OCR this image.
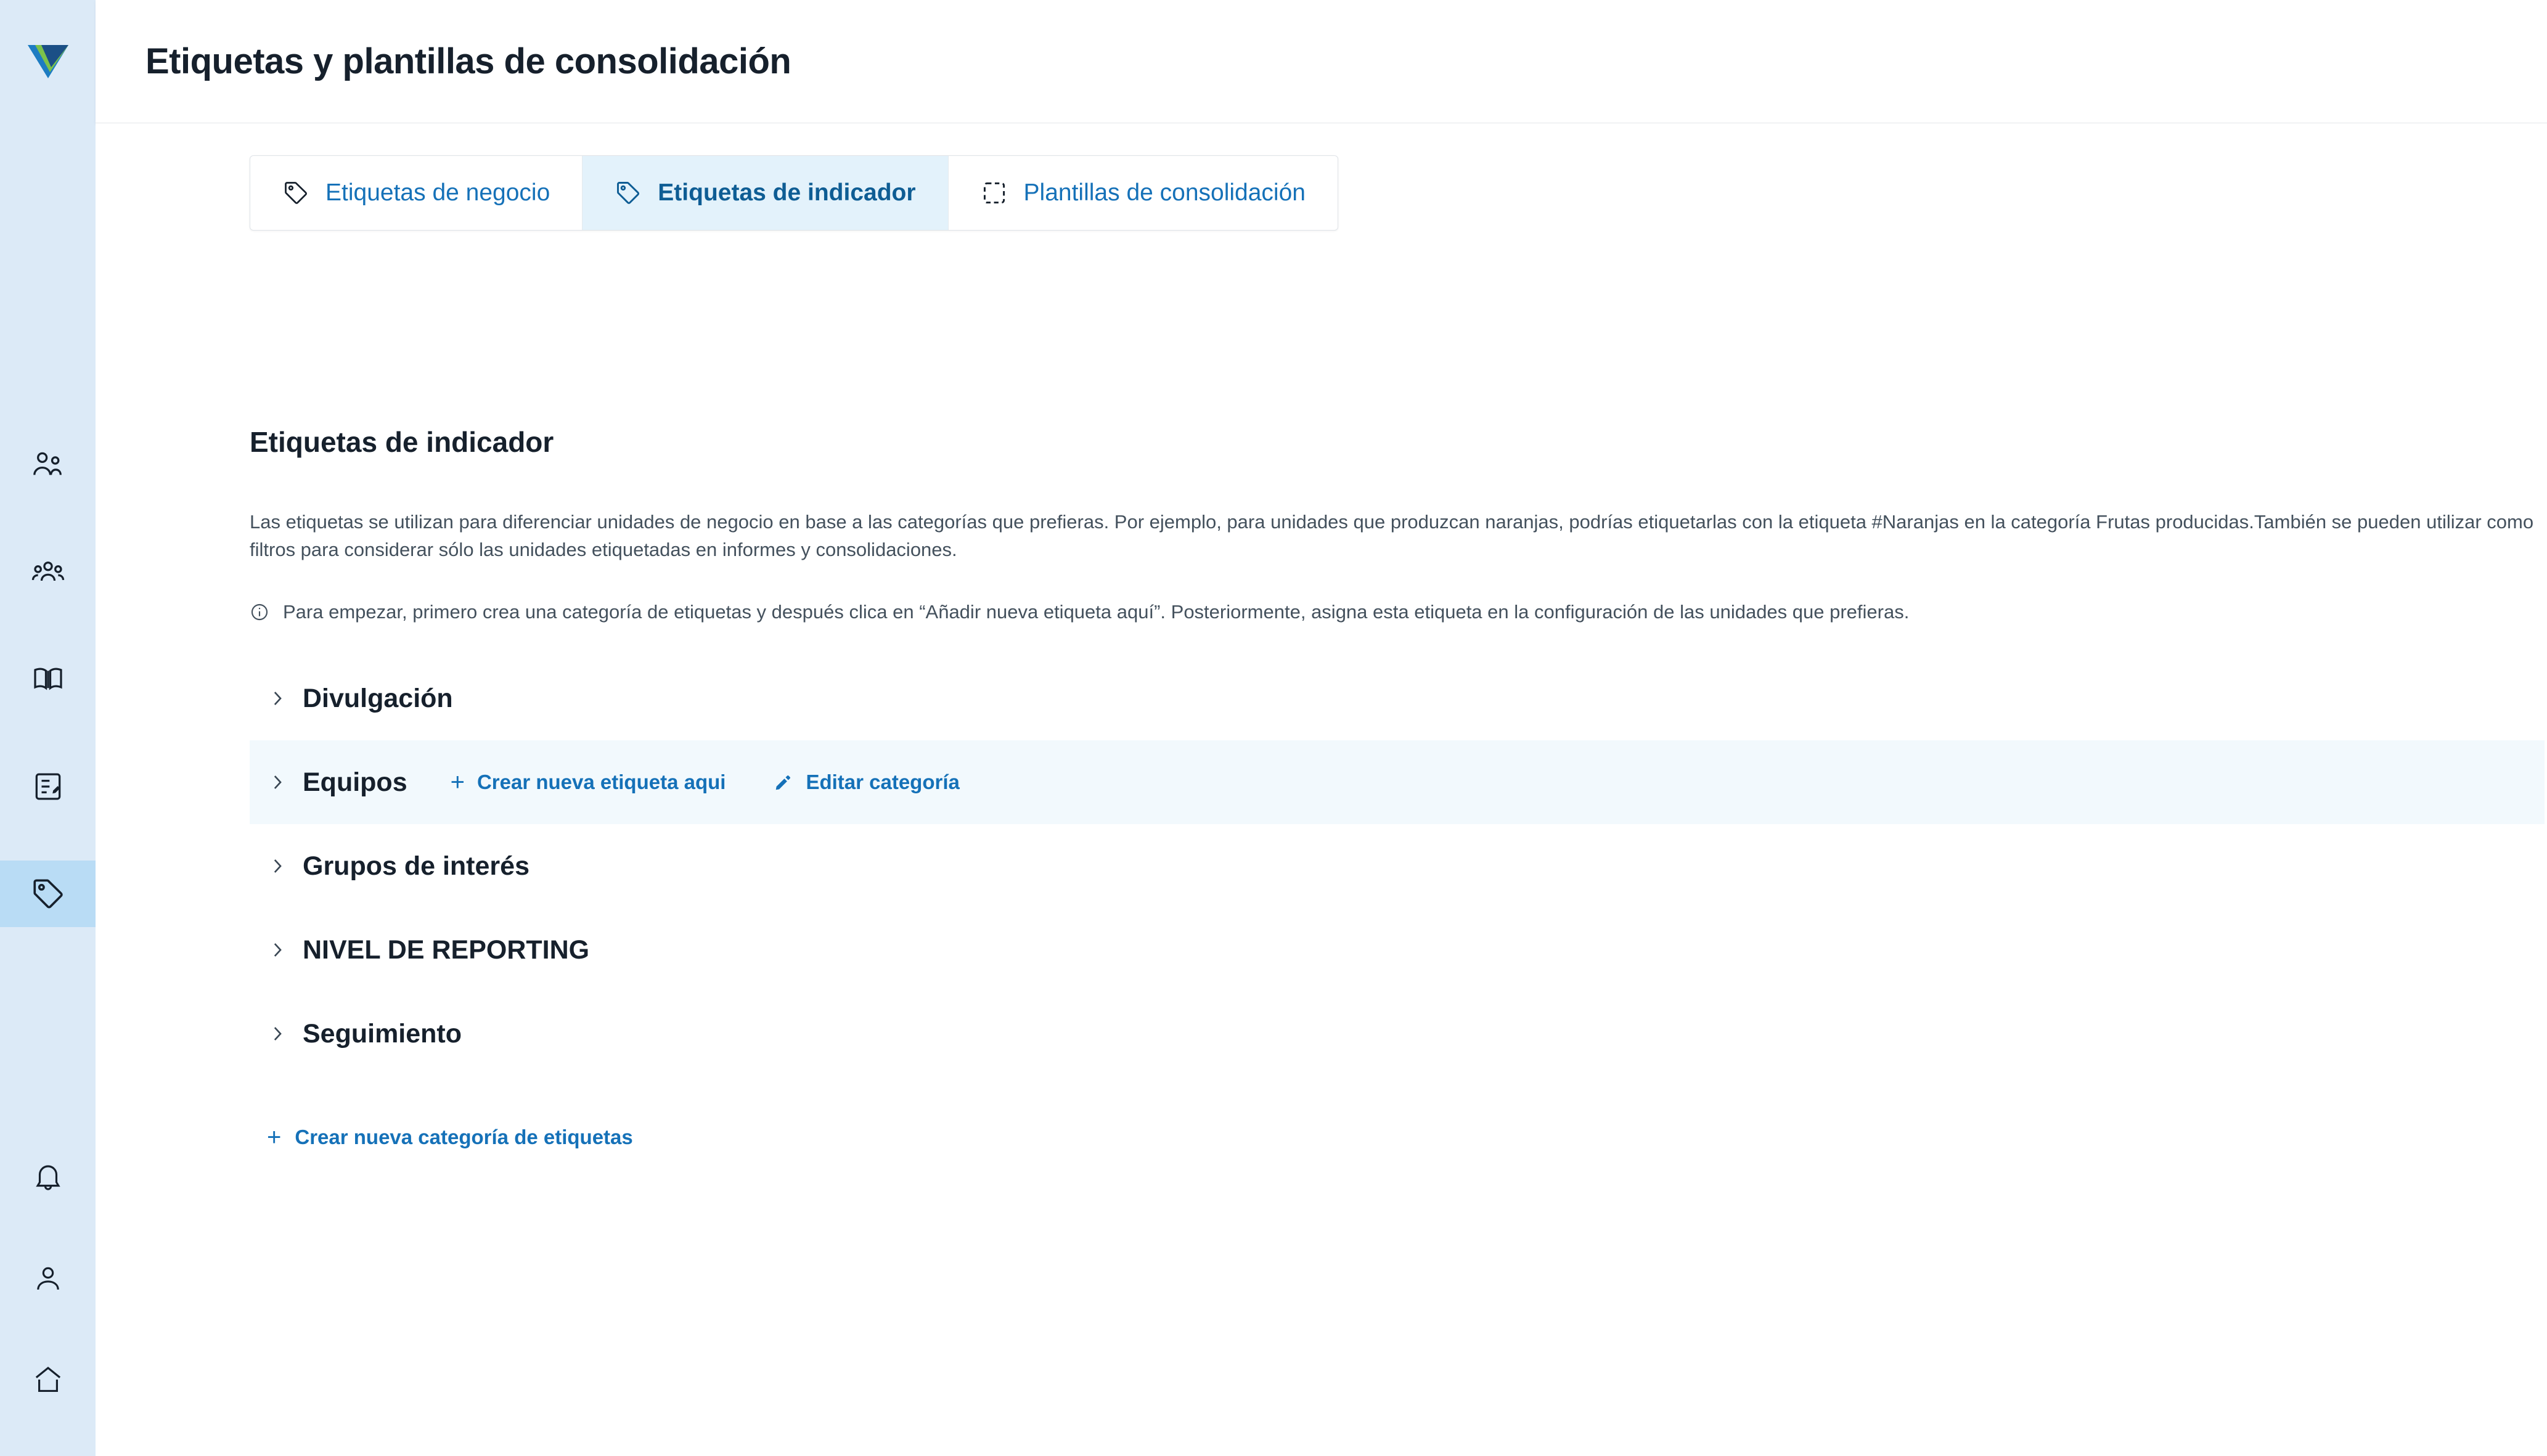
Etiquetas y plantillas de consolidación
Etiquetas de negocio	Etiquetas de indicador	Plantillas de consolidación
Etiquetas de indicador
Las etiquetas se utilizan para diferenciar unidades de negocio en base a las categorías que prefieras. Por ejemplo, para unidades que produzcan naranjas, podrías etiquetarlas con la etiqueta #Naranjas en la categoría Frutas producidas.También se pueden utilizar como filtros para considerar sólo las unidades etiquetadas en informes y consolidaciones.
Para empezar, primero crea una categoría de etiquetas y después clica en “Añadir nueva etiqueta aquí”. Posteriormente, asigna esta etiqueta en la configuración de las unidades que prefieras.
Divulgación
Equipos + Crear nueva etiqueta aqui	Editar categoría
Grupos de interés
NIVEL DE REPORTING
Seguimiento
+ Crear nueva categoría de etiquetas
